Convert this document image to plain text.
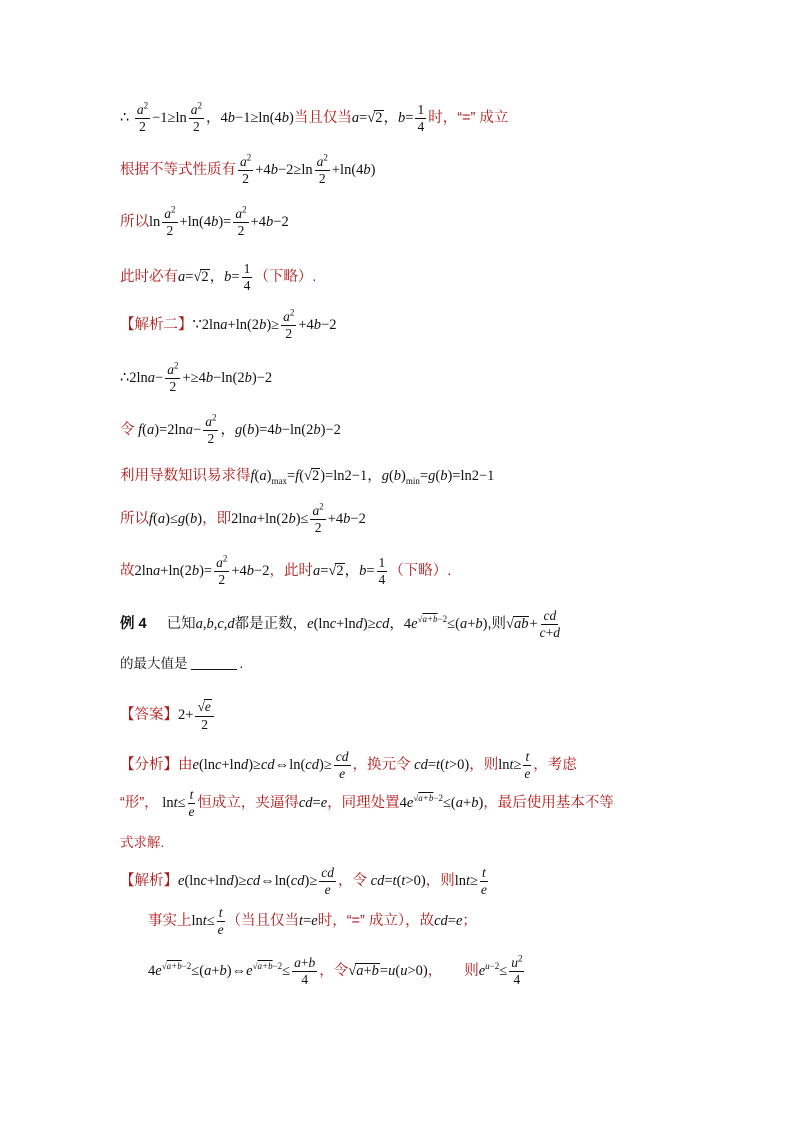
∴
$a^2$
2
−1≥ln
$a^2$
2
，4b−1≥ln(4b) 当且仅当 a=√2，$b= \frac{1}{4}$ 时，“=” 成立
根据不等式性质有
$a^2$
2
+4b−2≥ln
$a^2$
2
+ln(4b)
所以 ln
$a^2$
2
$+\ln(4b)= \frac{a^2}{2} +4b-2$
此时必有 a=√2，$b= \frac{1}{4}$ （下略）.
【解析二】 ∵2lna+ln(2b)≥ $\frac{a^2}{2} +4b-2$
∴2lna− $\frac{a^2}{2} +\ge 4b-\ln(2b)-2$
令 $f(a)=2\ln a- \frac{a^2}{2}$ ，g(b)=4b−ln(2b)−2
利用导数知识易求得 $f(a)_{max}=f(√2)=\ln 2-1$，$g(b)_{min}=g(b)=\ln 2-1$
所以 f(a)≤g(b) ，即 $2\ln a+\ln(2b)\le \frac{a^2}{2} +4b-2$
故 $2\ln a+\ln(2b)= \frac{a^2}{2} +4b-2$ ，此时 a=√2，$b= \frac{1}{4}$ （下略）.
例 4 已知 a,b,c,d 都是正数， e(lnc+lnd)≥cd，$4e^{√a+b-2}\le(a+b)$ ,则 $√ab+ \frac{cd}{c+d}$
的最大值是	.
【答案】 $2+ \frac{√e}{2}$
【分析】 由 e(lnc+lnd)≥cd⇔ln(cd)≥ $\frac{cd}{e}$ ，换元令 cd=t(t>0) ，则 $\ln t\ge \frac{t}{e}$ ，考虑
“形”， $\ln t\le \frac{t}{e}$ 恒成立，夹逼得 cd=e ，同理处置 $4e^{√a+b-2}\le(a+b)$ ，最后使用基本不等
式求解.
【解析】 e(lnc+lnd)≥cd⇔ln(cd)≥ $\frac{cd}{e}$ ，令 cd=t(t>0) ，则 $\ln t\ge \frac{t}{e}$
事实上 $\ln t\le \frac{t}{e}$ （当且仅当 t=e 时，“=” 成立），故 cd=e ；
$4e^{√a+b-2}\le(a+b)\Leftrightarrow e^{√a+b-2}\le \frac{a+b}{4}$ ，令 √a+b=u(u>0) ， 则 $e^{u-2}\le \frac{u^2}{4}$
